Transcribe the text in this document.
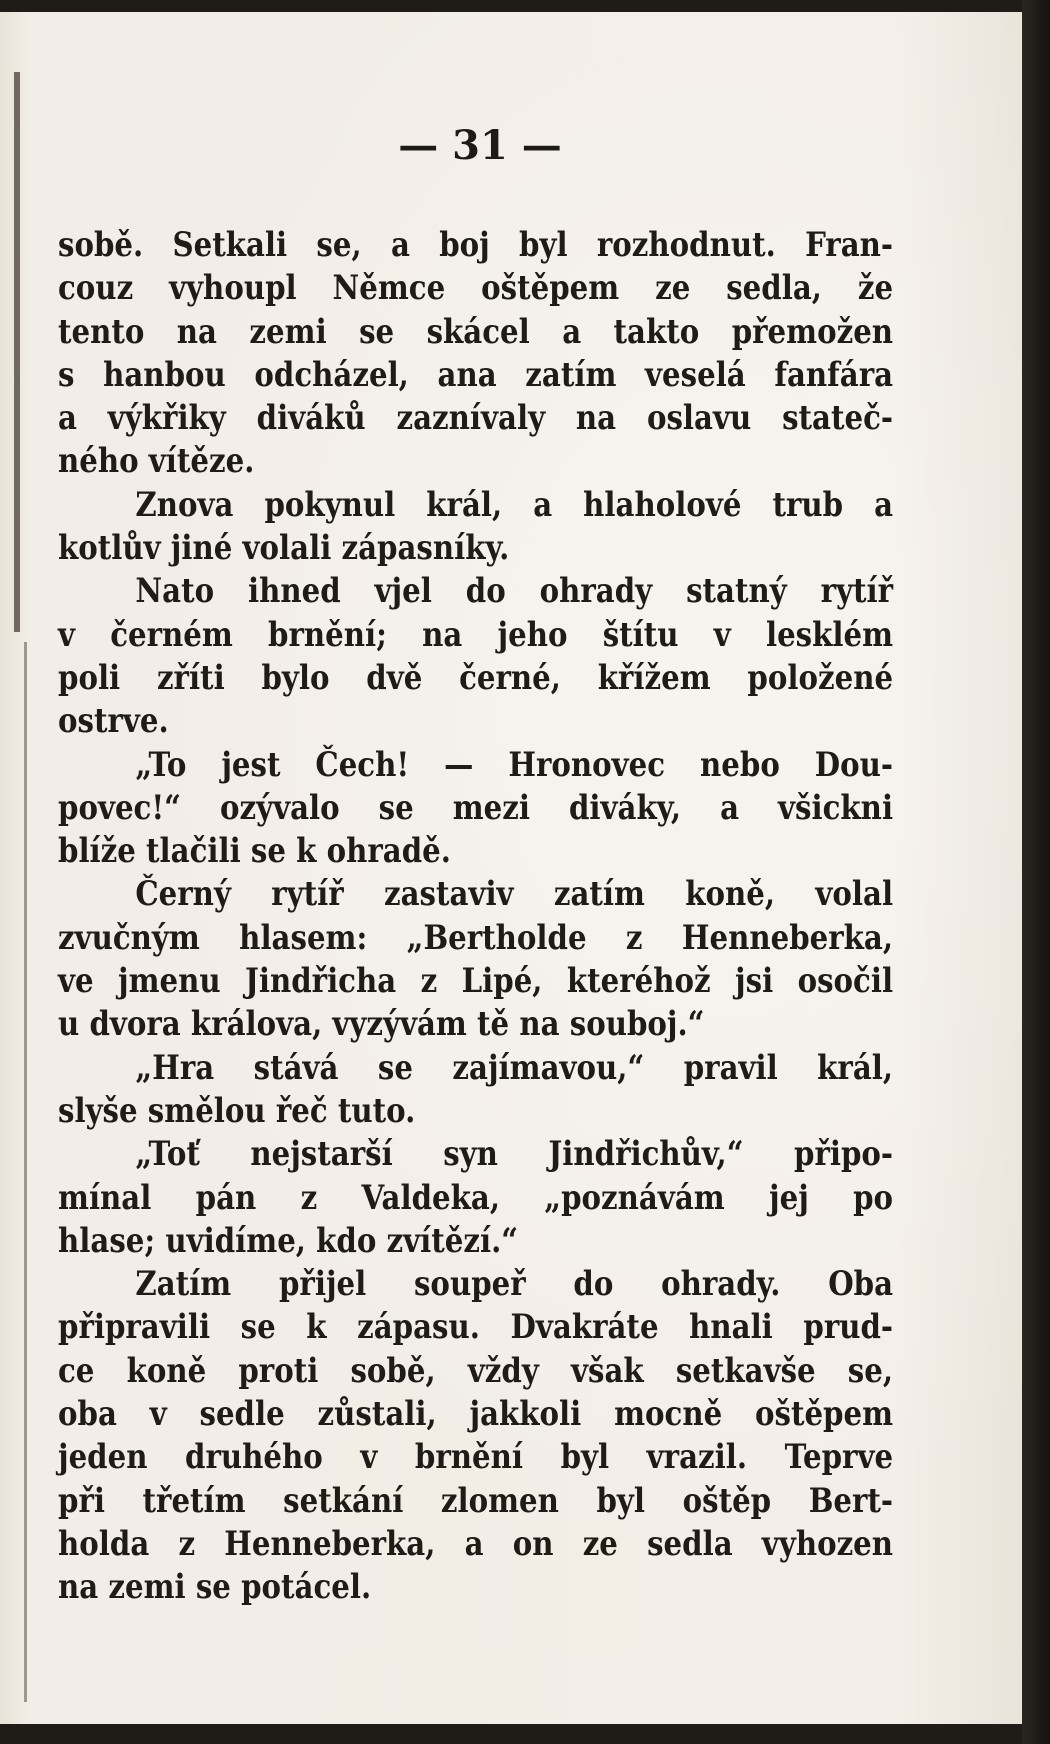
— 31 —
sobě. Setkali se, a boj byl rozhodnut. Fran-
couz vyhoupl Němce oštěpem ze sedla, že
tento na zemi se skácel a takto přemožen
s hanbou odcházel, ana zatím veselá fanfára
a výkřiky diváků zaznívaly na oslavu stateč-
ného vítěze.
Znova pokynul král, a hlaholové trub a
kotlův jiné volali zápasníky.
Nato ihned vjel do ohrady statný rytíř
v černém brnění; na jeho štítu v lesklém
poli zříti bylo dvě černé, křížem položené
ostrve.
„To jest Čech! — Hronovec nebo Dou-
povec!“ ozývalo se mezi diváky, a všickni
blíže tlačili se k ohradě.
Černý rytíř zastaviv zatím koně, volal
zvučným hlasem: „Bertholde z Henneberka,
ve jmenu Jindřicha z Lipé, kteréhož jsi osočil
u dvora králova, vyzývám tě na souboj.“
„Hra stává se zajímavou,“ pravil král,
slyše smělou řeč tuto.
„Toť nejstarší syn Jindřichův,“ připo-
mínal pán z Valdeka, „poznávám jej po
hlase; uvidíme, kdo zvítězí.“
Zatím přijel soupeř do ohrady. Oba
připravili se k zápasu. Dvakráte hnali prud-
ce koně proti sobě, vždy však setkavše se,
oba v sedle zůstali, jakkoli mocně oštěpem
jeden druhého v brnění byl vrazil. Teprve
při třetím setkání zlomen byl oštěp Bert-
holda z Henneberka, a on ze sedla vyhozen
na zemi se potácel.
